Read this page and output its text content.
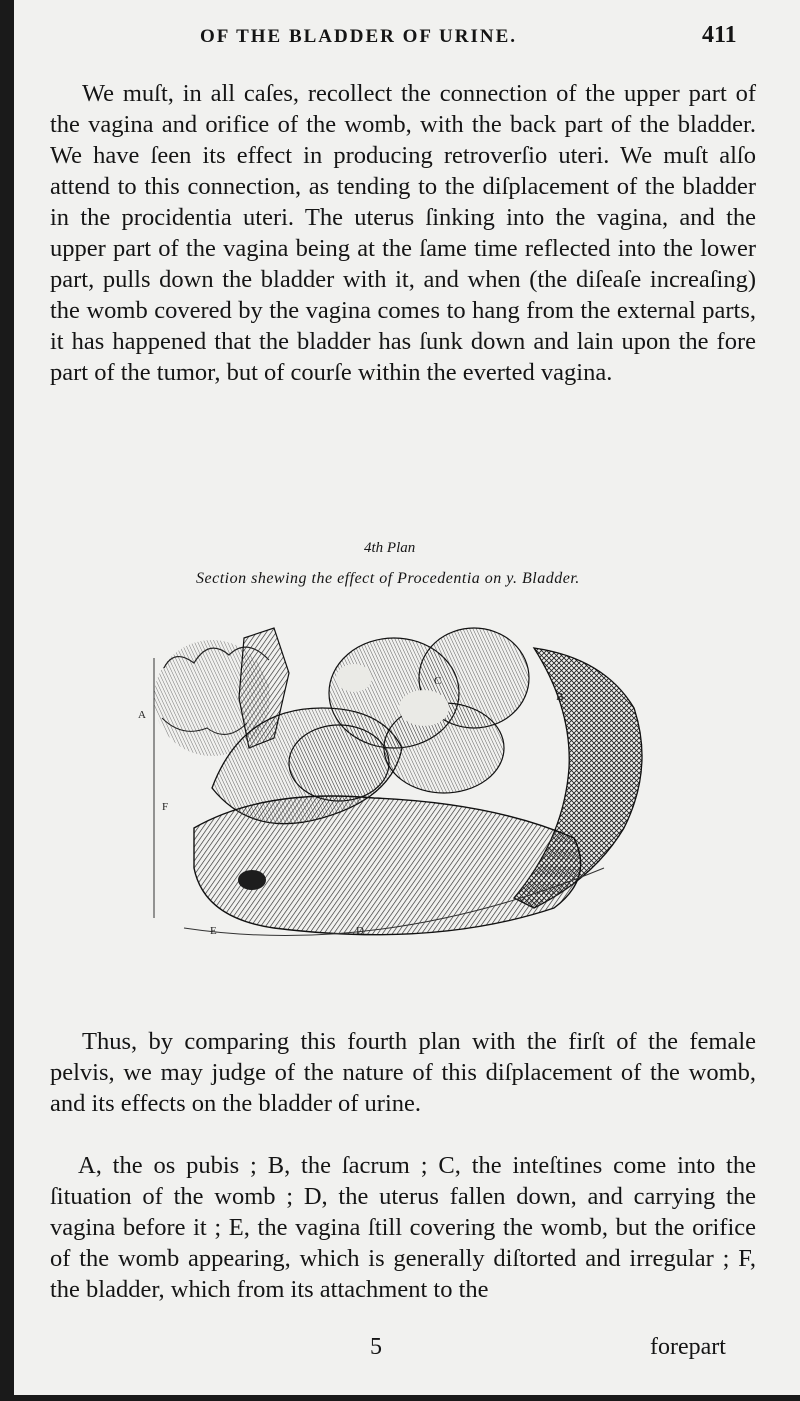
OF THE BLADDER OF URINE.	411

We muſt, in all caſes, recollect the connection of the upper part of the vagina and orifice of the womb, with the back part of the bladder. We have ſeen its effect in producing retroverſio uteri. We muſt alſo attend to this connection, as tending to the diſplacement of the bladder in the procidentia uteri. The uterus ſinking into the vagina, and the upper part of the vagina being at the ſame time reflected into the lower part, pulls down the bladder with it, and when (the diſeaſe increaſing) the womb covered by the vagina comes to hang from the external parts, it has happened that the bladder has ſunk down and lain upon the fore part of the tumor, but of courſe within the everted vagina.

4th Plan
Section shewing the effect of Procedentia on y. Bladder.
A
B
C
D
E
F

Thus, by comparing this fourth plan with the firſt of the female pelvis, we may judge of the nature of this diſplacement of the womb, and its effects on the bladder of urine.

A, the os pubis ; B, the ſacrum ; C, the inteſtines come into the ſituation of the womb ; D, the uterus fallen down, and carrying the vagina before it ; E, the vagina ſtill covering the womb, but the orifice of the womb appearing, which is generally diſtorted and irregular ; F, the bladder, which from its attachment to the

5	forepart
